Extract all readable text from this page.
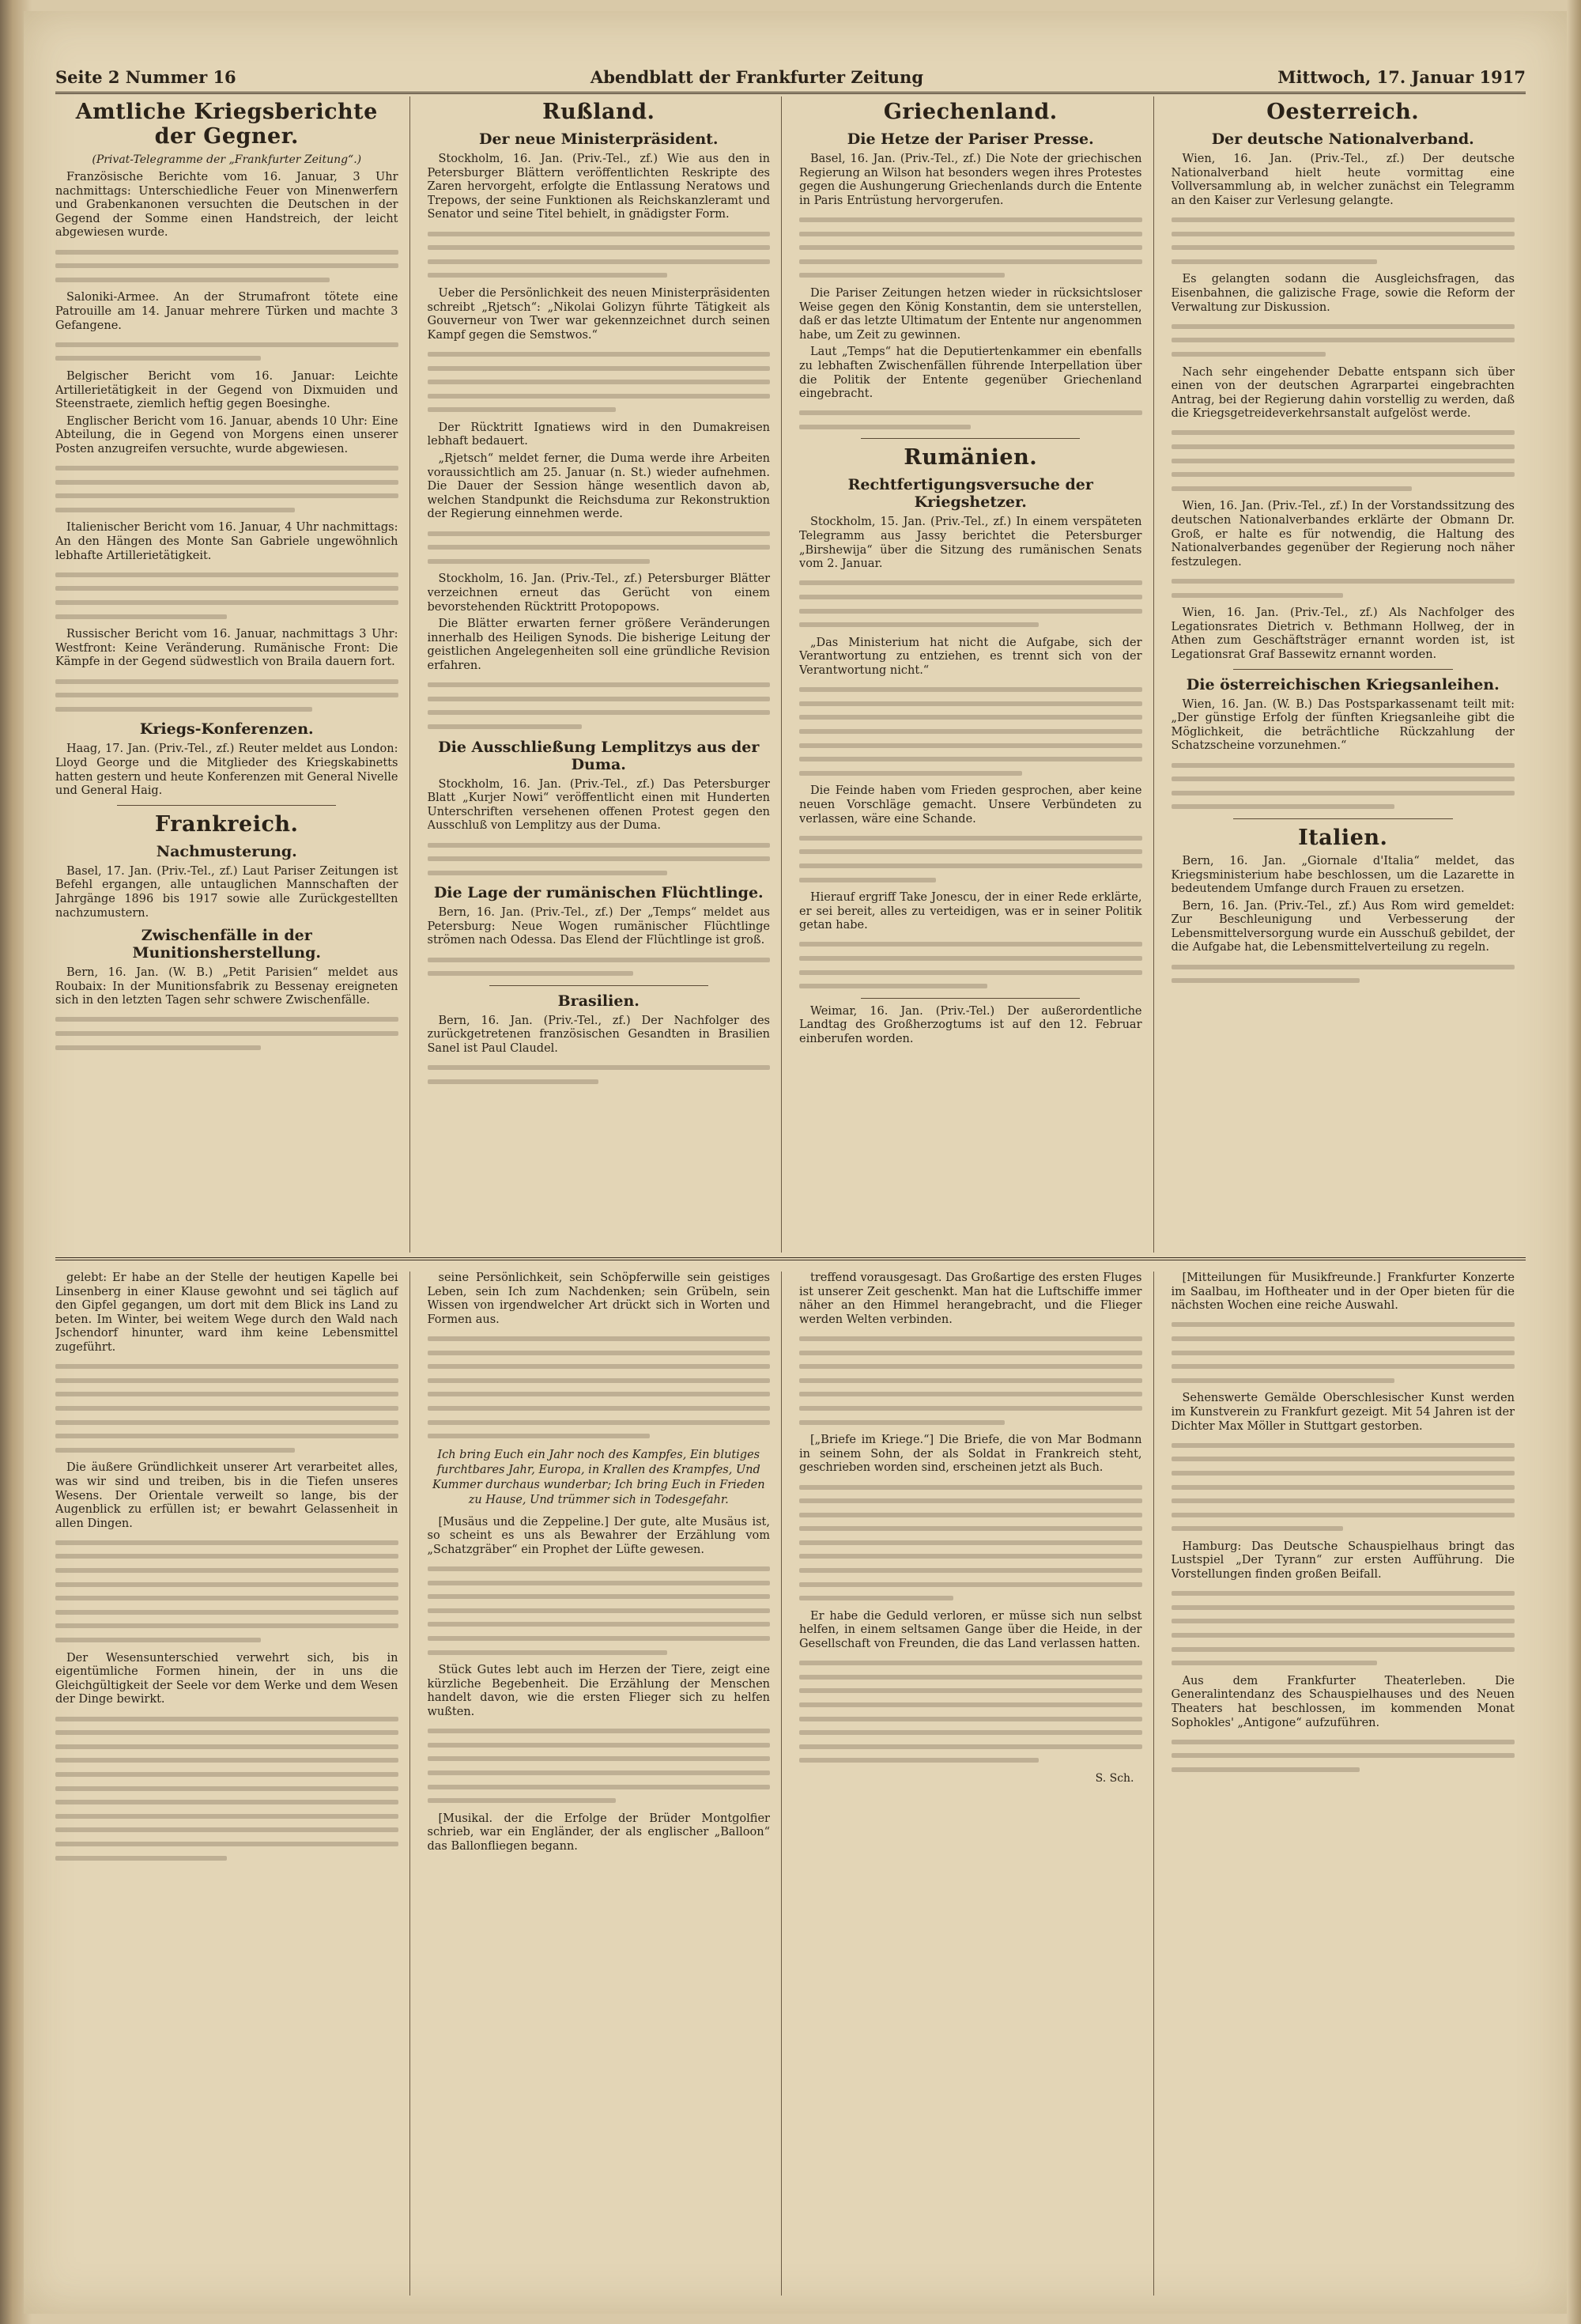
Seite 2 Nummer 16	Abendblatt der Frankfurter Zeitung	Mittwoch, 17. Januar 1917
Amtliche Kriegsberichte der Gegner.
(Privat-Telegramme der „Frankfurter Zeitung“.)

Französische Berichte vom 16. Januar, 3 Uhr nachmittags: Unterschiedliche Feuer von Minenwerfern und Grabenkanonen versuchten die Deutschen in der Gegend der Somme einen Handstreich, der leicht abgewiesen wurde.

Saloniki-Armee. An der Strumafront tötete eine Patrouille am 14. Januar mehrere Türken und machte 3 Gefangene.

Belgischer Bericht vom 16. Januar: Leichte Artillerietätigkeit in der Gegend von Dixmuiden und Steenstraete, ziemlich heftig gegen Boesinghe.

Englischer Bericht vom 16. Januar, abends 10 Uhr: Eine Abteilung, die in Gegend von Morgens einen unserer Posten anzugreifen versuchte, wurde abgewiesen.

Italienischer Bericht vom 16. Januar, 4 Uhr nachmittags: An den Hängen des Monte San Gabriele ungewöhnlich lebhafte Artillerietätigkeit.

Russischer Bericht vom 16. Januar, nachmittags 3 Uhr: Westfront: Keine Veränderung. Rumänische Front: Die Kämpfe in der Gegend südwestlich von Braila dauern fort.

Kriegs-Konferenzen.

Haag, 17. Jan. (Priv.-Tel., zf.) Reuter meldet aus London: Lloyd George und die Mitglieder des Kriegskabinetts hatten gestern und heute Konferenzen mit General Nivelle und General Haig.

Frankreich.
Nachmusterung.

Basel, 17. Jan. (Priv.-Tel., zf.) Laut Pariser Zeitungen ist Befehl ergangen, alle untauglichen Mannschaften der Jahrgänge 1896 bis 1917 sowie alle Zurückgestellten nachzumustern.

Zwischenfälle in der Munitionsherstellung.

Bern, 16. Jan. (W. B.) „Petit Parisien“ meldet aus Roubaix: In der Munitionsfabrik zu Bessenay ereigneten sich in den letzten Tagen sehr schwere Zwischenfälle.

Rußland.
Der neue Ministerpräsident.

Stockholm, 16. Jan. (Priv.-Tel., zf.) Wie aus den in Petersburger Blättern veröffentlichten Reskripte des Zaren hervorgeht, erfolgte die Entlassung Neratows und Trepows, der seine Funktionen als Reichskanzleramt und Senator und seine Titel behielt, in gnädigster Form.

Ueber die Persönlichkeit des neuen Ministerpräsidenten schreibt „Rjetsch“: „Nikolai Golizyn führte Tätigkeit als Gouverneur von Twer war gekennzeichnet durch seinen Kampf gegen die Semstwos.“

Der Rücktritt Ignatiews wird in den Dumakreisen lebhaft bedauert.

„Rjetsch“ meldet ferner, die Duma werde ihre Arbeiten voraussichtlich am 25. Januar (n. St.) wieder aufnehmen. Die Dauer der Session hänge wesentlich davon ab, welchen Standpunkt die Reichsduma zur Rekonstruktion der Regierung einnehmen werde.

Stockholm, 16. Jan. (Priv.-Tel., zf.) Petersburger Blätter verzeichnen erneut das Gerücht von einem bevorstehenden Rücktritt Protopopows.

Die Blätter erwarten ferner größere Veränderungen innerhalb des Heiligen Synods. Die bisherige Leitung der geistlichen Angelegenheiten soll eine gründliche Revision erfahren.

Die Ausschließung Lemplitzys aus der Duma.

Stockholm, 16. Jan. (Priv.-Tel., zf.) Das Petersburger Blatt „Kurjer Nowi“ veröffentlicht einen mit Hunderten Unterschriften versehenen offenen Protest gegen den Ausschluß von Lemplitzy aus der Duma.

Die Lage der rumänischen Flüchtlinge.

Bern, 16. Jan. (Priv.-Tel., zf.) Der „Temps“ meldet aus Petersburg: Neue Wogen rumänischer Flüchtlinge strömen nach Odessa. Das Elend der Flüchtlinge ist groß.

Brasilien.

Bern, 16. Jan. (Priv.-Tel., zf.) Der Nachfolger des zurückgetretenen französischen Gesandten in Brasilien Sanel ist Paul Claudel.

Griechenland.
Die Hetze der Pariser Presse.

Basel, 16. Jan. (Priv.-Tel., zf.) Die Note der griechischen Regierung an Wilson hat besonders wegen ihres Protestes gegen die Aushungerung Griechenlands durch die Entente in Paris Entrüstung hervorgerufen.

Die Pariser Zeitungen hetzen wieder in rücksichtsloser Weise gegen den König Konstantin, dem sie unterstellen, daß er das letzte Ultimatum der Entente nur angenommen habe, um Zeit zu gewinnen.

Laut „Temps“ hat die Deputiertenkammer ein ebenfalls zu lebhaften Zwischenfällen führende Interpellation über die Politik der Entente gegenüber Griechenland eingebracht.

Rumänien.
Rechtfertigungsversuche der Kriegshetzer.

Stockholm, 15. Jan. (Priv.-Tel., zf.) In einem verspäteten Telegramm aus Jassy berichtet die Petersburger „Birshewija“ über die Sitzung des rumänischen Senats vom 2. Januar.

„Das Ministerium hat nicht die Aufgabe, sich der Verantwortung zu entziehen, es trennt sich von der Verantwortung nicht.“

Die Feinde haben vom Frieden gesprochen, aber keine neuen Vorschläge gemacht. Unsere Verbündeten zu verlassen, wäre eine Schande.

Hierauf ergriff Take Jonescu, der in einer Rede erklärte, er sei bereit, alles zu verteidigen, was er in seiner Politik getan habe.

Weimar, 16. Jan. (Priv.-Tel.) Der außerordentliche Landtag des Großherzogtums ist auf den 12. Februar einberufen worden.

Oesterreich.
Der deutsche Nationalverband.

Wien, 16. Jan. (Priv.-Tel., zf.) Der deutsche Nationalverband hielt heute vormittag eine Vollversammlung ab, in welcher zunächst ein Telegramm an den Kaiser zur Verlesung gelangte.

Es gelangten sodann die Ausgleichsfragen, das Eisenbahnen, die galizische Frage, sowie die Reform der Verwaltung zur Diskussion.

Nach sehr eingehender Debatte entspann sich über einen von der deutschen Agrarpartei eingebrachten Antrag, bei der Regierung dahin vorstellig zu werden, daß die Kriegsgetreideverkehrsanstalt aufgelöst werde.

Wien, 16. Jan. (Priv.-Tel., zf.) In der Vorstandssitzung des deutschen Nationalverbandes erklärte der Obmann Dr. Groß, er halte es für notwendig, die Haltung des Nationalverbandes gegenüber der Regierung noch näher festzulegen.

Wien, 16. Jan. (Priv.-Tel., zf.) Als Nachfolger des Legationsrates Dietrich v. Bethmann Hollweg, der in Athen zum Geschäftsträger ernannt worden ist, ist Legationsrat Graf Bassewitz ernannt worden.

Die österreichischen Kriegsanleihen.

Wien, 16. Jan. (W. B.) Das Postsparkassenamt teilt mit: „Der günstige Erfolg der fünften Kriegsanleihe gibt die Möglichkeit, die beträchtliche Rückzahlung der Schatzscheine vorzunehmen.“

Italien.

Bern, 16. Jan. „Giornale d'Italia“ meldet, das Kriegsministerium habe beschlossen, um die Lazarette in bedeutendem Umfange durch Frauen zu ersetzen.

Bern, 16. Jan. (Priv.-Tel., zf.) Aus Rom wird gemeldet: Zur Beschleunigung und Verbesserung der Lebensmittelversorgung wurde ein Ausschuß gebildet, der die Aufgabe hat, die Lebensmittelverteilung zu regeln.

gelebt: Er habe an der Stelle der heutigen Kapelle bei Linsenberg in einer Klause gewohnt und sei täglich auf den Gipfel gegangen, um dort mit dem Blick ins Land zu beten. Im Winter, bei weitem Wege durch den Wald nach Jschendorf hinunter, ward ihm keine Lebensmittel zugeführt.

Die äußere Gründlichkeit unserer Art verarbeitet alles, was wir sind und treiben, bis in die Tiefen unseres Wesens. Der Orientale verweilt so lange, bis der Augenblick zu erfüllen ist; er bewahrt Gelassenheit in allen Dingen.

Der Wesensunterschied verwehrt sich, bis in eigentümliche Formen hinein, der in uns die Gleichgültigkeit der Seele vor dem Werke und dem Wesen der Dinge bewirkt.

seine Persönlichkeit, sein Schöpferwille sein geistiges Leben, sein Ich zum Nachdenken; sein Grübeln, sein Wissen von irgendwelcher Art drückt sich in Worten und Formen aus.

Ich bring Euch ein Jahr noch des Kampfes, Ein blutiges furchtbares Jahr, Europa, in Krallen des Krampfes, Und Kummer durchaus wunderbar; Ich bring Euch in Frieden zu Hause, Und trümmer sich in Todesgefahr.

[Musäus und die Zeppeline.] Der gute, alte Musäus ist, so scheint es uns als Bewahrer der Erzählung vom „Schatzgräber“ ein Prophet der Lüfte gewesen.

Stück Gutes lebt auch im Herzen der Tiere, zeigt eine kürzliche Begebenheit. Die Erzählung der Menschen handelt davon, wie die ersten Flieger sich zu helfen wußten.

[Musikal. der die Erfolge der Brüder Montgolfier schrieb, war ein Engländer, der als englischer „Balloon“ das Ballonfliegen begann.

treffend vorausgesagt. Das Großartige des ersten Fluges ist unserer Zeit geschenkt. Man hat die Luftschiffe immer näher an den Himmel herangebracht, und die Flieger werden Welten verbinden.

[„Briefe im Kriege.“] Die Briefe, die von Mar Bodmann in seinem Sohn, der als Soldat in Frankreich steht, geschrieben worden sind, erscheinen jetzt als Buch.

Er habe die Geduld verloren, er müsse sich nun selbst helfen, in einem seltsamen Gange über die Heide, in der Gesellschaft von Freunden, die das Land verlassen hatten.

S. Sch.

[Mitteilungen für Musikfreunde.] Frankfurter Konzerte im Saalbau, im Hoftheater und in der Oper bieten für die nächsten Wochen eine reiche Auswahl.

Sehenswerte Gemälde Oberschlesischer Kunst werden im Kunstverein zu Frankfurt gezeigt. Mit 54 Jahren ist der Dichter Max Möller in Stuttgart gestorben.

Hamburg: Das Deutsche Schauspielhaus bringt das Lustspiel „Der Tyrann“ zur ersten Aufführung. Die Vorstellungen finden großen Beifall.

Aus dem Frankfurter Theaterleben. Die Generalintendanz des Schauspielhauses und des Neuen Theaters hat beschlossen, im kommenden Monat Sophokles' „Antigone“ aufzuführen.
